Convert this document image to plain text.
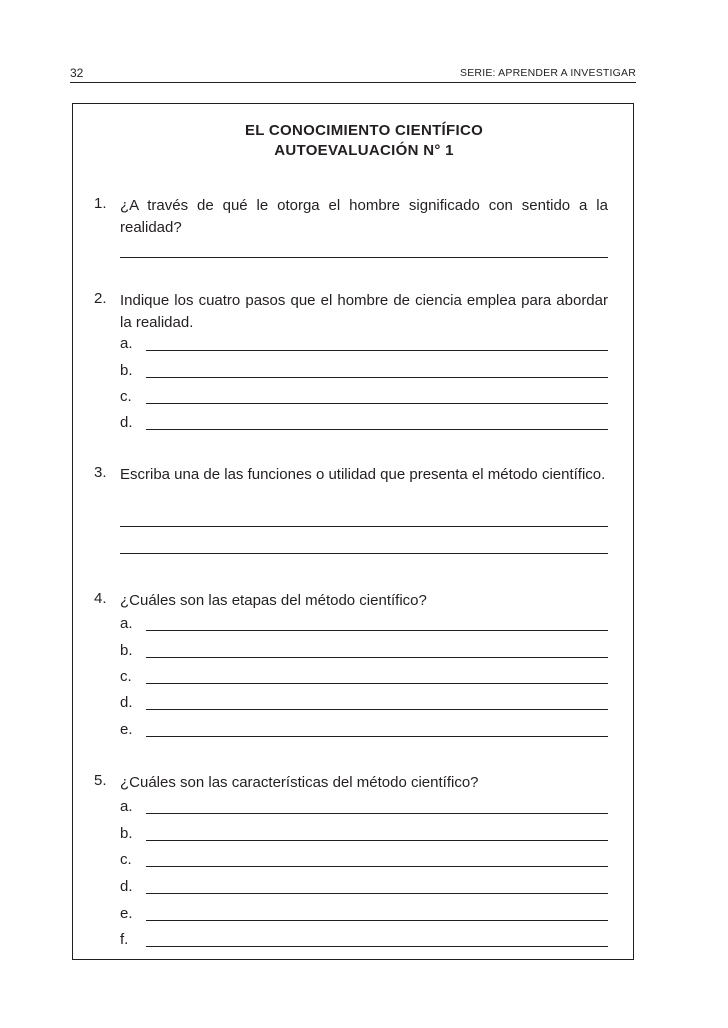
32	SERIE: APRENDER A INVESTIGAR
EL CONOCIMIENTO CIENTÍFICO
AUTOEVALUACIÓN N° 1
1. ¿A través de qué le otorga el hombre significado con sentido a la realidad?
2. Indique los cuatro pasos que el hombre de ciencia emplea para abordar la realidad.
a.
b.
c.
d.
3. Escriba una de las funciones o utilidad que presenta el método científico.
4. ¿Cuáles son las etapas del método científico?
a.
b.
c.
d.
e.
5. ¿Cuáles son las características del método científico?
a.
b.
c.
d.
e.
f.
